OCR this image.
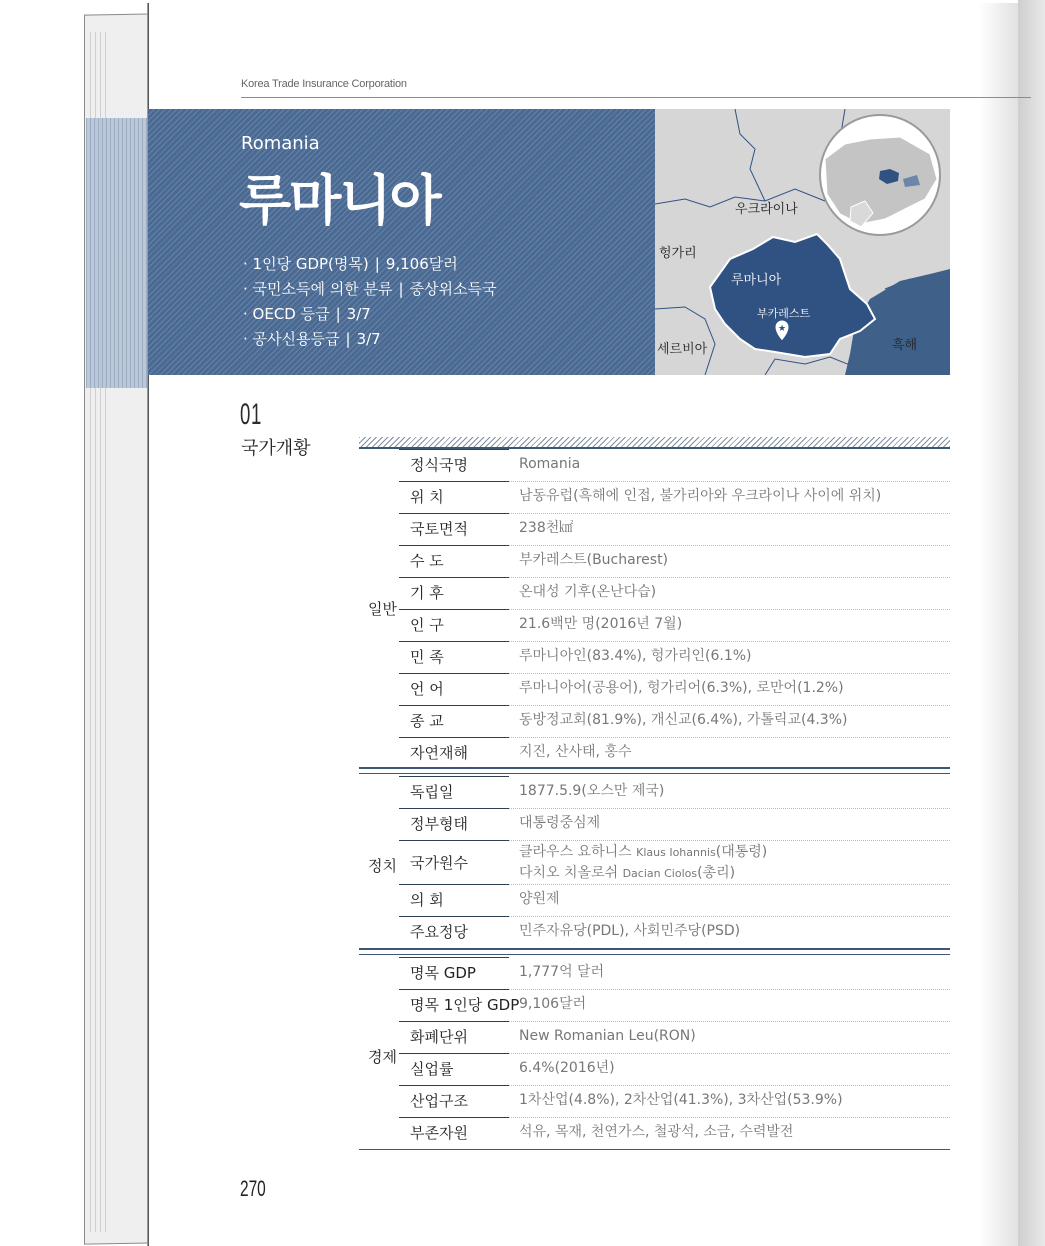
Korea Trade Insurance Corporation
Romania
루마니아
· 1인당 GDP(명목) | 9,106달러
· 국민소득에 의한 분류 | 중상위소득국
· OECD 등급 | 3/7
· 공사신용등급 | 3/7
★
우크라이나
헝가리
루마니아
부카레스트
세르비아	흑해
01
국가개황
일반
정식국명	Romania
위 치	남동유럽(흑해에 인접, 불가리아와 우크라이나 사이에 위치)
국토면적	238천㎢
수 도	부카레스트(Bucharest)
기 후	온대성 기후(온난다습)
인 구	21.6백만 명(2016년 7월)
민 족	루마니아인(83.4%), 헝가리인(6.1%)
언 어	루마니아어(공용어), 헝가리어(6.3%), 로만어(1.2%)
종 교	동방정교회(81.9%), 개신교(6.4%), 가톨릭교(4.3%)
자연재해	지진, 산사태, 홍수
정치
독립일	1877.5.9(오스만 제국)
정부형태	대통령중심제
국가원수
클라우스 요하니스 Klaus Iohannis(대통령)
다치오 치올로쉬 Dacian Ciolos(총리)
의 회	양원제
주요정당	민주자유당(PDL), 사회민주당(PSD)
경제
명목 GDP	1,777억 달러
명목 1인당 GDP 9,106달러
화폐단위	New Romanian Leu(RON)
실업률	6.4%(2016년)
산업구조	1차산업(4.8%), 2차산업(41.3%), 3차산업(53.9%)
부존자원	석유, 목재, 천연가스, 철광석, 소금, 수력발전
270
